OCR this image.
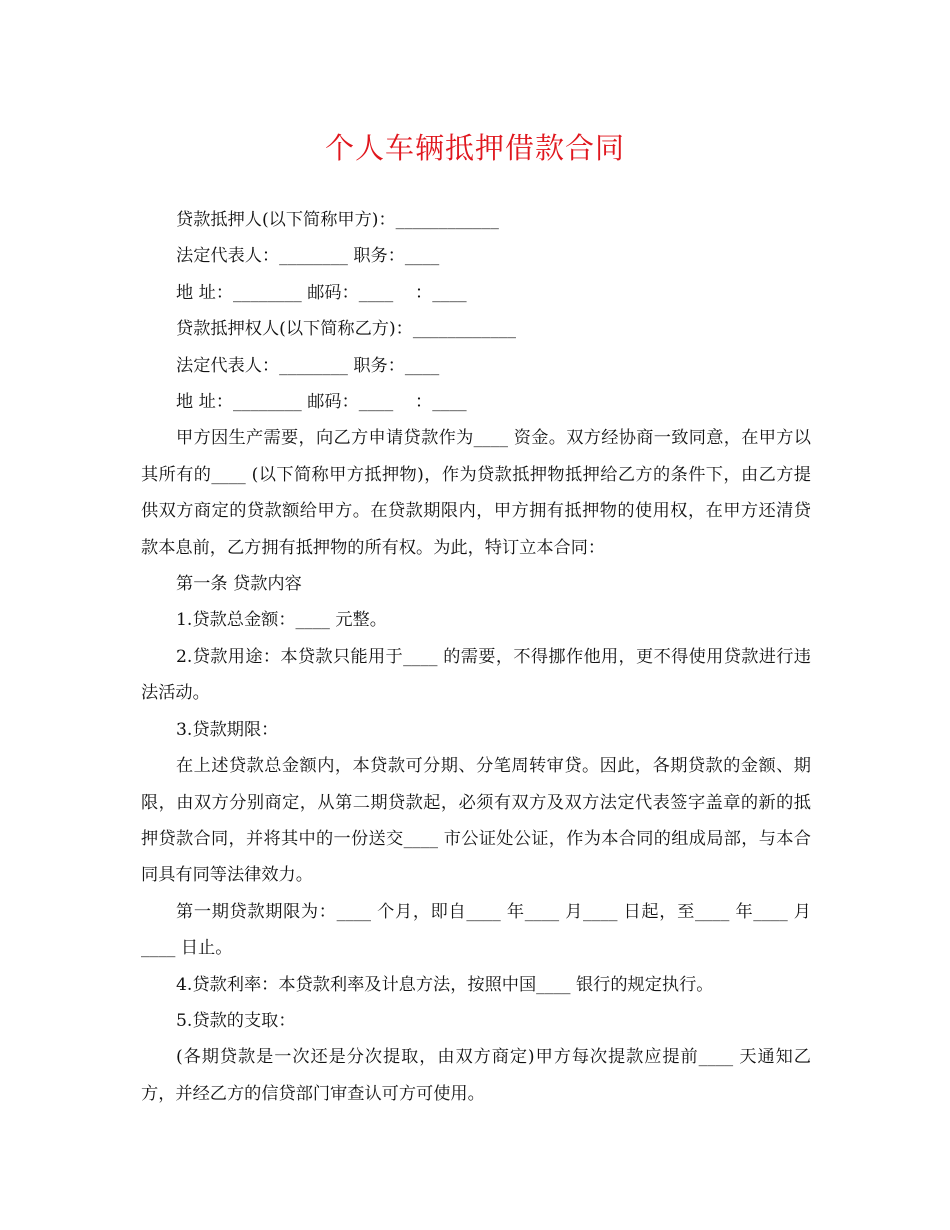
个人车辆抵押借款合同

贷款抵押人(以下简称甲方)：____________

法定代表人：________ 职务：____

地 址：________ 邮码：____    ：____

贷款抵押权人(以下简称乙方)：____________

法定代表人：________ 职务：____

地 址：________ 邮码：____    ：____

甲方因生产需要，向乙方申请贷款作为____ 资金。双方经协商一致同意，在甲方以其所有的____ (以下简称甲方抵押物)，作为贷款抵押物抵押给乙方的条件下，由乙方提供双方商定的贷款额给甲方。在贷款期限内，甲方拥有抵押物的使用权，在甲方还清贷款本息前，乙方拥有抵押物的所有权。为此，特订立本合同：

第一条 贷款内容

1.贷款总金额：____ 元整。

2.贷款用途：本贷款只能用于____ 的需要，不得挪作他用，更不得使用贷款进行违法活动。

3.贷款期限：

在上述贷款总金额内，本贷款可分期、分笔周转审贷。因此，各期贷款的金额、期限，由双方分别商定，从第二期贷款起，必须有双方及双方法定代表签字盖章的新的抵押贷款合同，并将其中的一份送交____ 市公证处公证，作为本合同的组成局部，与本合同具有同等法律效力。

第一期贷款期限为：____ 个月，即自____ 年____ 月____ 日起，至____ 年____ 月____ 日止。

4.贷款利率：本贷款利率及计息方法，按照中国____ 银行的规定执行。

5.贷款的支取：

(各期贷款是一次还是分次提取，由双方商定)甲方每次提款应提前____ 天通知乙方，并经乙方的信贷部门审查认可方可使用。
